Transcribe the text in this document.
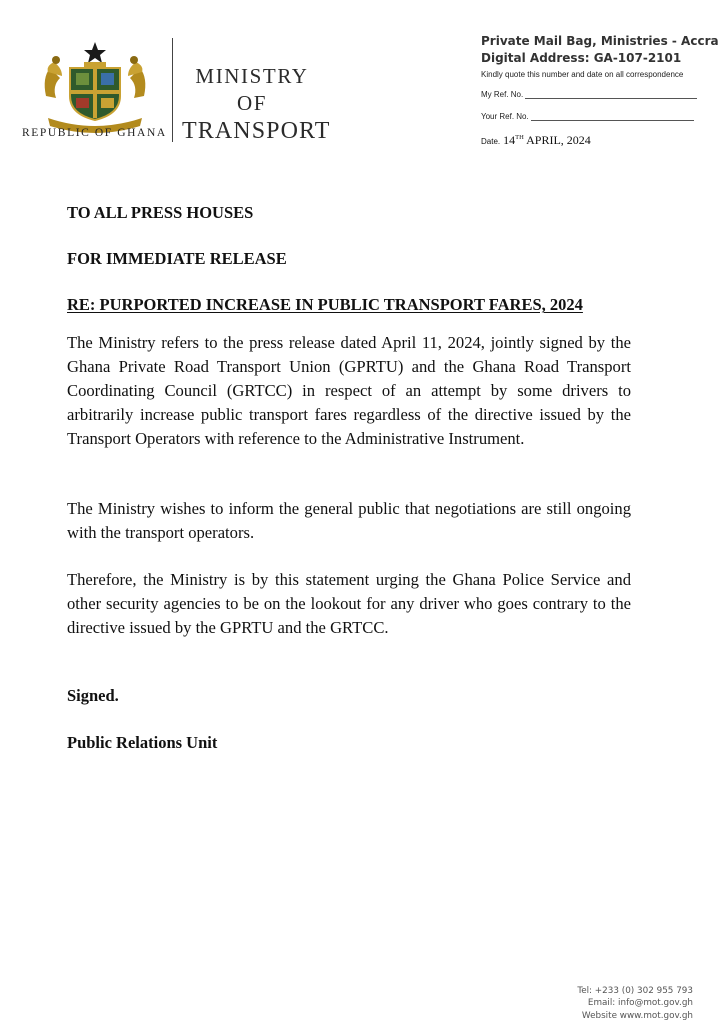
REPUBLIC OF GHANA
MINISTRY
OF
TRANSPORT
Private Mail Bag, Ministries - Accra
Digital Address: GA-107-2101
Kindly quote this number and date on all correspondence
My Ref. No.
Your Ref. No.
Date. 14TH APRIL, 2024
TO ALL PRESS HOUSES
FOR IMMEDIATE RELEASE
RE: PURPORTED INCREASE IN PUBLIC TRANSPORT FARES, 2024
The Ministry refers to the press release dated April 11, 2024, jointly signed by the Ghana Private Road Transport Union (GPRTU) and the Ghana Road Transport Coordinating Council (GRTCC) in respect of an attempt by some drivers to arbitrarily increase public transport fares regardless of the directive issued by the Transport Operators with reference to the Administrative Instrument.
The Ministry wishes to inform the general public that negotiations are still ongoing with the transport operators.
Therefore, the Ministry is by this statement urging the Ghana Police Service and other security agencies to be on the lookout for any driver who goes contrary to the directive issued by the GPRTU and the GRTCC.
Signed.
Public Relations Unit
Tel: +233 (0) 302 955 793
Email: info@mot.gov.gh
Website www.mot.gov.gh
